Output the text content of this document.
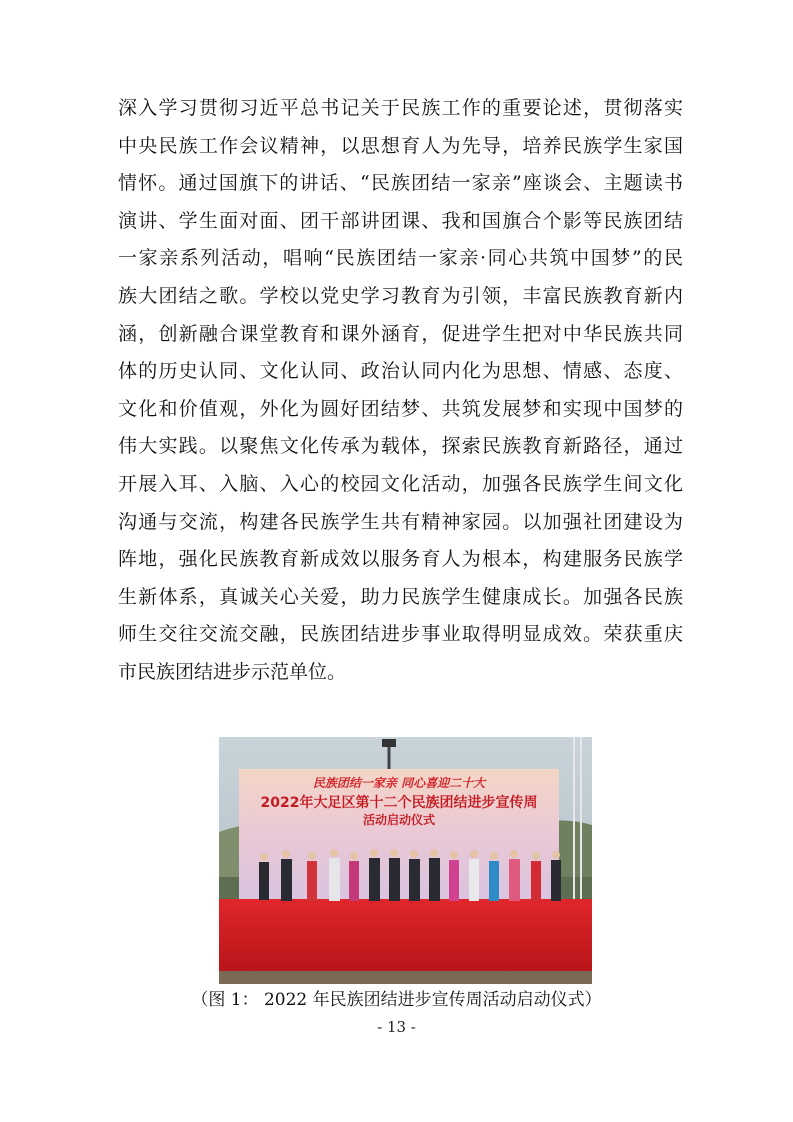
深入学习贯彻习近平总书记关于民族工作的重要论述，贯彻落实
中央民族工作会议精神，以思想育人为先导，培养民族学生家国
情怀。通过国旗下的讲话、“民族团结一家亲”座谈会、主题读书
演讲、学生面对面、团干部讲团课、我和国旗合个影等民族团结
一家亲系列活动，唱响“民族团结一家亲·同心共筑中国梦”的民
族大团结之歌。学校以党史学习教育为引领，丰富民族教育新内
涵，创新融合课堂教育和课外涵育，促进学生把对中华民族共同
体的历史认同、文化认同、政治认同内化为思想、情感、态度、
文化和价值观，外化为圆好团结梦、共筑发展梦和实现中国梦的
伟大实践。以聚焦文化传承为载体，探索民族教育新路径，通过
开展入耳、入脑、入心的校园文化活动，加强各民族学生间文化
沟通与交流，构建各民族学生共有精神家园。以加强社团建设为
阵地，强化民族教育新成效以服务育人为根本，构建服务民族学
生新体系，真诚关心关爱，助力民族学生健康成长。加强各民族
师生交往交流交融，民族团结进步事业取得明显成效。荣获重庆
市民族团结进步示范单位。
民族团结一家亲 同心喜迎二十大
2022年大足区第十二个民族团结进步宣传周
活动启动仪式
（图 1： 2022 年民族团结进步宣传周活动启动仪式）
- 13 -
